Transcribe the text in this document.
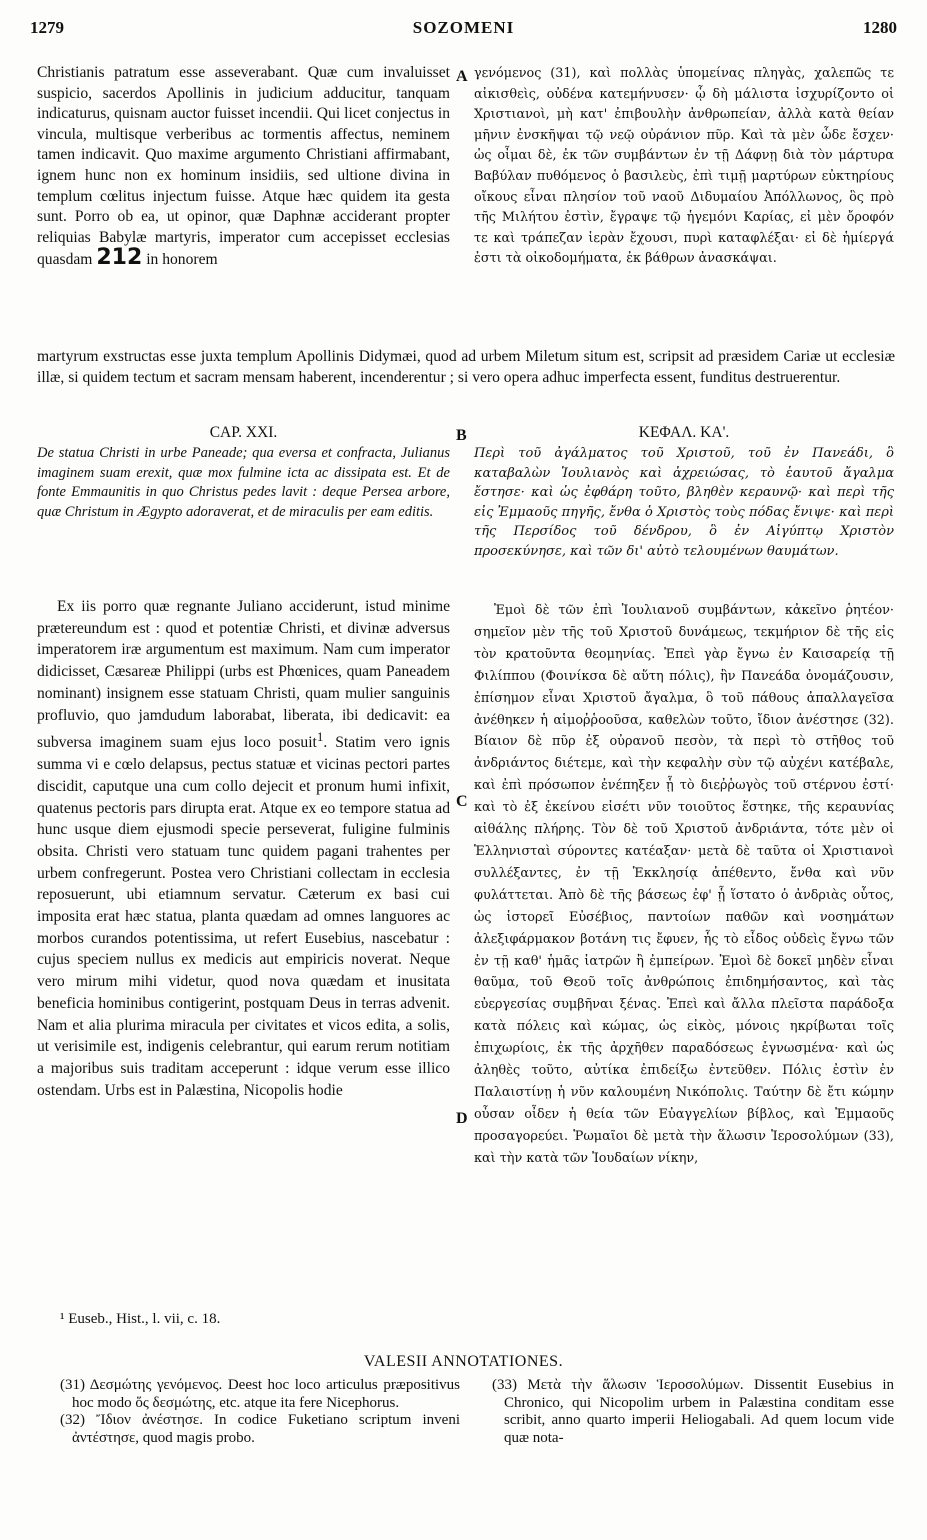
1279	SOZOMENI	1280

Christianis patratum esse asseverabant. Quæ cum invaluisset suspicio, sacerdos Apollinis in judicium adducitur, tanquam indicaturus, quisnam auctor fuisset incendii. Qui licet conjectus in vincula, multisque verberibus ac tormentis affectus, neminem tamen indicavit. Quo maxime argumento Christiani affirmabant, ignem hunc non ex hominum insidiis, sed ultione divina in templum cœlitus injectum fuisse. Atque hæc quidem ita gesta sunt. Porro ob ea, ut opinor, quæ Daphnæ acciderant propter reliquias Babylæ martyris, imperator cum accepisset ecclesias quasdam 212 in honorem

A γενόμενος (31), καὶ πολλὰς ὑπομείνας πληγὰς, χαλεπῶς τε αἰκισθεὶς, οὐδένα κατεμήνυσεν· ᾧ δὴ μάλιστα ἰσχυρίζοντο οἱ Χριστιανοὶ, μὴ κατ' ἐπιβουλὴν ἀνθρωπείαν, ἀλλὰ κατὰ θείαν μῆνιν ἐνσκῆψαι τῷ νεῷ οὐράνιον πῦρ. Καὶ τὰ μὲν ὧδε ἔσχεν· ὡς οἶμαι δὲ, ἐκ τῶν συμβάντων ἐν τῇ Δάφνῃ διὰ τὸν μάρτυρα Βαβύλαν πυθόμενος ὁ βασιλεὺς, ἐπὶ τιμῇ μαρτύρων εὐκτηρίους οἴκους εἶναι πλησίον τοῦ ναοῦ Διδυμαίου Ἀπόλλωνος, ὃς πρὸ τῆς Μιλήτου ἐστὶν, ἔγραψε τῷ ἡγεμόνι Καρίας, εἰ μὲν ὄροφόν τε καὶ τράπεζαν ἱερὰν ἔχουσι, πυρὶ καταφλέξαι· εἰ δὲ ἡμίεργά ἐστι τὰ οἰκοδομήματα, ἐκ βάθρων ἀνασκάψαι.

martyrum exstructas esse juxta templum Apollinis Didymæi, quod ad urbem Miletum situm est, scripsit ad præsidem Cariæ ut ecclesiæ illæ, si quidem tectum et sacram mensam haberent, incenderentur ; si vero opera adhuc imperfecta essent, funditus destruerentur.

B

CAP. XXI.

De statua Christi in urbe Paneade; qua eversa et confracta, Julianus imaginem suam erexit, quæ mox fulmine icta ac dissipata est. Et de fonte Emmaunitis in quo Christus pedes lavit : deque Persea arbore, quæ Christum in Ægypto adoraverat, et de miraculis per eam editis.

ΚΕΦΑΛ. ΚΑ'.

Περὶ τοῦ ἀγάλματος τοῦ Χριστοῦ, τοῦ ἐν Πανεάδι, ὃ καταβαλὼν Ἰουλιανὸς καὶ ἀχρειώσας, τὸ ἑαυτοῦ ἄγαλμα ἔστησε· καὶ ὡς ἐφθάρη τοῦτο, βληθὲν κεραυνῷ· καὶ περὶ τῆς εἰς Ἐμμαοῦς πηγῆς, ἔνθα ὁ Χριστὸς τοὺς πόδας ἔνιψε· καὶ περὶ τῆς Περσίδος τοῦ δένδρου, ὃ ἐν Αἰγύπτῳ Χριστὸν προσεκύνησε, καὶ τῶν δι' αὐτὸ τελουμένων θαυμάτων.

Ex iis porro quæ regnante Juliano acciderunt, istud minime prætereundum est : quod et potentiæ Christi, et divinæ adversus imperatorem iræ argumentum est maximum. Nam cum imperator didicisset, Cæsareæ Philippi (urbs est Phœnices, quam Paneadem nominant) insignem esse statuam Christi, quam mulier sanguinis profluvio, quo jamdudum laborabat, liberata, ibi dedicavit: ea subversa imaginem suam ejus loco posuit$^1$. Statim vero ignis summa vi e cœlo delapsus, pectus statuæ et vicinas pectori partes discidit, caputque una cum collo dejecit et pronum humi infixit, quatenus pectoris pars dirupta erat. Atque ex eo tempore statua ad hunc usque diem ejusmodi specie perseverat, fuligine fulminis obsita. Christi vero statuam tunc quidem pagani trahentes per urbem confregerunt. Postea vero Christiani collectam in ecclesia reposuerunt, ubi etiamnum servatur. Cæterum ex basi cui imposita erat hæc statua, planta quædam ad omnes languores ac morbos curandos potentissima, ut refert Eusebius, nascebatur : cujus speciem nullus ex medicis aut empiricis noverat. Neque vero mirum mihi videtur, quod nova quædam et inusitata beneficia hominibus contigerint, postquam Deus in terras advenit. Nam et alia plurima miracula per civitates et vicos edita, a solis, ut verisimile est, indigenis celebrantur, qui earum rerum notitiam a majoribus suis traditam acceperunt : idque verum esse illico ostendam. Urbs est in Palæstina, Nicopolis hodie

C
D

Ἐμοὶ δὲ τῶν ἐπὶ Ἰουλιανοῦ συμβάντων, κἀκεῖνο ῥητέον· σημεῖον μὲν τῆς τοῦ Χριστοῦ δυνάμεως, τεκμήριον δὲ τῆς εἰς τὸν κρατοῦντα θεομηνίας. Ἐπεὶ γὰρ ἔγνω ἐν Καισαρείᾳ τῇ Φιλίππου (Φοινίκσα δὲ αὕτη πόλις), ἣν Πανεάδα ὀνομάζουσιν, ἐπίσημον εἶναι Χριστοῦ ἄγαλμα, ὃ τοῦ πάθους ἀπαλλαγεῖσα ἀνέθηκεν ἡ αἱμοῤῥοοῦσα, καθελὼν τοῦτο, ἴδιον ἀνέστησε (32). Βίαιον δὲ πῦρ ἐξ οὐρανοῦ πεσὸν, τὰ περὶ τὸ στῆθος τοῦ ἀνδριάντος διέτεμε, καὶ τὴν κεφαλὴν σὺν τῷ αὐχένι κατέβαλε, καὶ ἐπὶ πρόσωπον ἐνέπηξεν ᾗ τὸ διεῤῥωγὸς τοῦ στέρνου ἐστί· καὶ τὸ ἐξ ἐκείνου εἰσέτι νῦν τοιοῦτος ἕστηκε, τῆς κεραυνίας αἰθάλης πλήρης. Τὸν δὲ τοῦ Χριστοῦ ἀνδριάντα, τότε μὲν οἱ Ἑλληνισταὶ σύροντες κατέαξαν· μετὰ δὲ ταῦτα οἱ Χριστιανοὶ συλλέξαντες, ἐν τῇ Ἐκκλησίᾳ ἀπέθεντο, ἔνθα καὶ νῦν φυλάττεται. Ἀπὸ δὲ τῆς βάσεως ἐφ' ᾗ ἵστατο ὁ ἀνδριὰς οὗτος, ὡς ἱστορεῖ Εὐσέβιος, παντοίων παθῶν καὶ νοσημάτων ἀλεξιφάρμακον βοτάνη τις ἔφυεν, ἧς τὸ εἶδος οὐδεὶς ἔγνω τῶν ἐν τῇ καθ' ἡμᾶς ἰατρῶν ἢ ἐμπείρων. Ἐμοὶ δὲ δοκεῖ μηδὲν εἶναι θαῦμα, τοῦ Θεοῦ τοῖς ἀνθρώποις ἐπιδημήσαντος, καὶ τὰς εὐεργεσίας συμβῆναι ξένας. Ἐπεὶ καὶ ἄλλα πλεῖστα παράδοξα κατὰ πόλεις καὶ κώμας, ὡς εἰκὸς, μόνοις ηκρίβωται τοῖς ἐπιχωρίοις, ἐκ τῆς ἀρχῆθεν παραδόσεως ἐγνωσμένα· καὶ ὡς ἀληθὲς τοῦτο, αὐτίκα ἐπιδείξω ἐντεῦθεν. Πόλις ἐστὶν ἐν Παλαιστίνῃ ἡ νῦν καλουμένη Νικόπολις. Ταύτην δὲ ἔτι κώμην οὖσαν οἶδεν ἡ θεία τῶν Εὐαγγελίων βίβλος, καὶ Ἐμμαοῦς προσαγορεύει. Ῥωμαῖοι δὲ μετὰ τὴν ἅλωσιν Ἱεροσολύμων (33), καὶ τὴν κατὰ τῶν Ἰουδαίων νίκην,

¹ Euseb., Hist., l. vii, c. 18.
VALESII ANNOTATIONES.

(31) Δεσμώτης γενόμενος. Deest hoc loco articulus præpositivus hoc modo ὅς δεσμώτης, etc. atque ita fere Nicephorus.

(32) Ἴδιον ἀνέστησε. In codice Fuketiano scriptum inveni ἀντέστησε, quod magis probo.

(33) Μετὰ τὴν ἅλωσιν Ἱεροσολύμων. Dissentit Eusebius in Chronico, qui Nicopolim urbem in Palæstina conditam esse scribit, anno quarto imperii Heliogabali. Ad quem locum vide quæ nota-
